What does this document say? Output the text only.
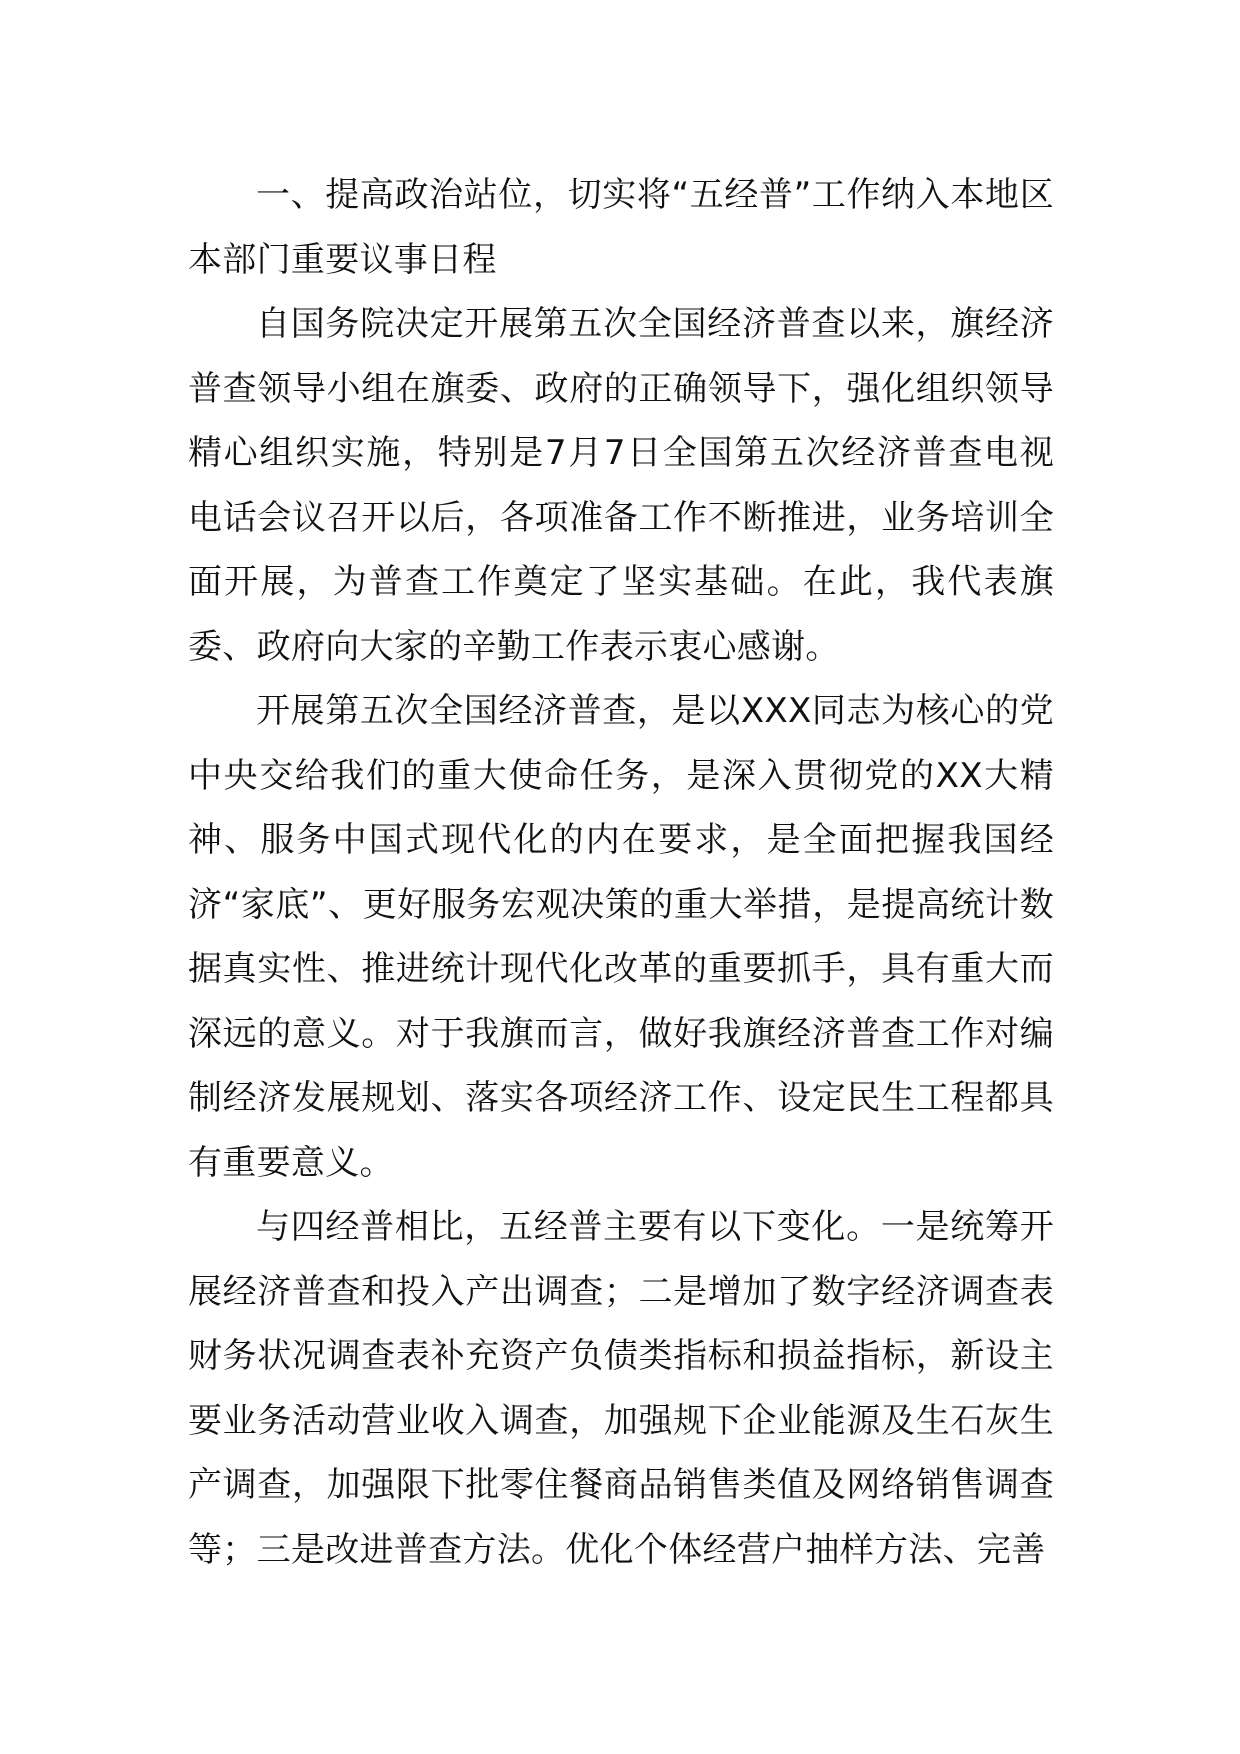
一、提高政治站位，切实将“五经普”工作纳入本地区本部门重要议事日程

自国务院决定开展第五次全国经济普查以来，旗经济普查领导小组在旗委、政府的正确领导下，强化组织领导精心组织实施，特别是7月7日全国第五次经济普查电视电话会议召开以后，各项准备工作不断推进，业务培训全面开展，为普查工作奠定了坚实基础。在此，我代表旗委、政府向大家的辛勤工作表示衷心感谢。

开展第五次全国经济普查，是以XXX同志为核心的党中央交给我们的重大使命任务，是深入贯彻党的XX大精神、服务中国式现代化的内在要求，是全面把握我国经济“家底”、更好服务宏观决策的重大举措，是提高统计数据真实性、推进统计现代化改革的重要抓手，具有重大而深远的意义。对于我旗而言，做好我旗经济普查工作对编制经济发展规划、落实各项经济工作、设定民生工程都具有重要意义。

与四经普相比，五经普主要有以下变化。一是统筹开展经济普查和投入产出调查；二是增加了数字经济调查表财务状况调查表补充资产负债类指标和损益指标，新设主要业务活动营业收入调查，加强规下企业能源及生石灰生产调查，加强限下批零住餐商品销售类值及网络销售调查等；三是改进普查方法。优化个体经营户抽样方法、完善
